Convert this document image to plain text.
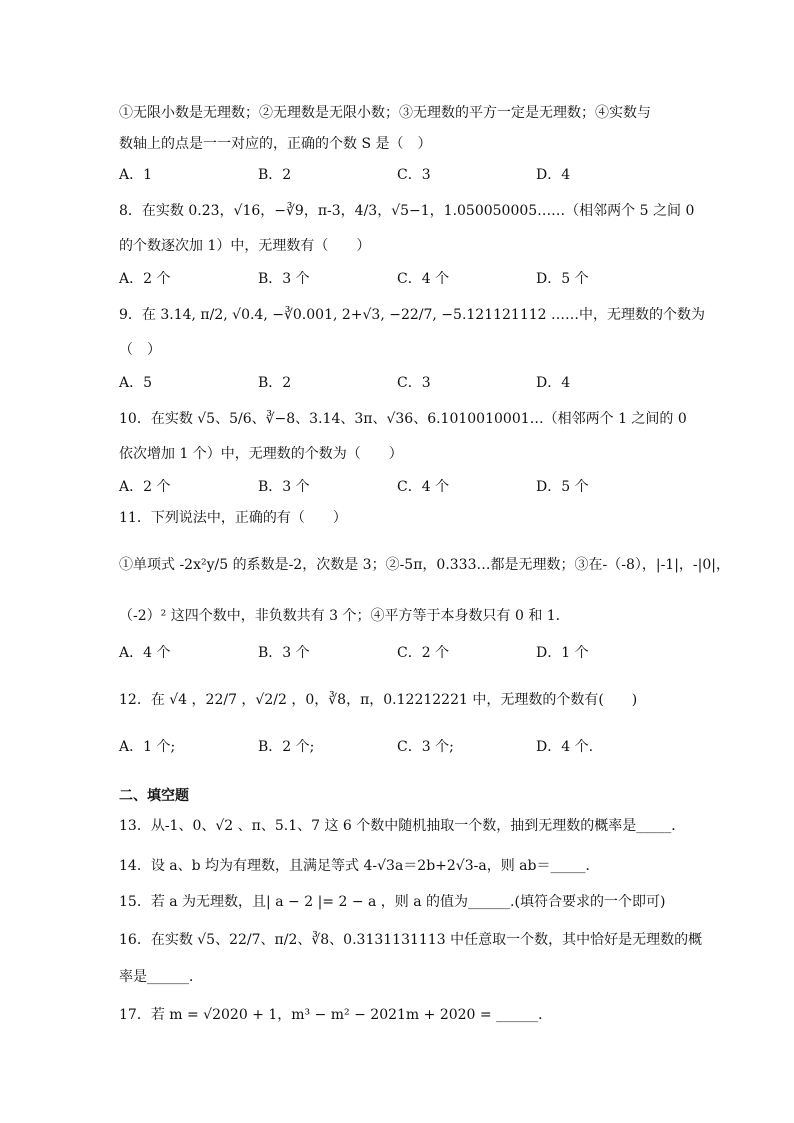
①无限小数是无理数；②无理数是无限小数；③无理数的平方一定是无理数；④实数与
数轴上的点是一一对应的，正确的个数 S 是（　）
A．1	B．2	C．3	D．4
8．在实数 0.2̇3̇，√16，−∛9，π-3，4/3，√5−1，1.050050005……（相邻两个 5 之间 0
的个数逐次加 1）中，无理数有（　　）
A．2 个	B．3 个	C．4 个	D．5 个
9．在 3.14, π/2, √0.4, −∛0.001, 2+√3, −22/7, −5.121121112 ……中，无理数的个数为
（　）
A．5	B．2	C．3	D．4
10．在实数 √5、5/6、∛−8、3.14、3π、√36、6.1010010001…（相邻两个 1 之间的 0
依次增加 1 个）中，无理数的个数为（　　）
A．2 个	B．3 个	C．4 个	D．5 个
11．下列说法中，正确的有（　　）
①单项式 -2x²y/5 的系数是-2，次数是 3；②-5π，0.333…都是无理数；③在-（-8），|-1|，-|0|，
（-2）² 这四个数中，非负数共有 3 个；④平方等于本身数只有 0 和 1．
A．4 个	B．3 个	C．2 个	D．1 个
12．在 √4 ，22/7 ，√2/2 ，0，∛8，π，0.12212221 中，无理数的个数有(　　)
A．1 个;	B．2 个;	C．3 个;	D．4 个.
二、填空题
13．从-1、0、√2 、π、5.1、7 这 6 个数中随机抽取一个数，抽到无理数的概率是_____．
14．设 a、b 均为有理数，且满足等式 4-√3a＝2b+2√3-a，则 ab＝_____．
15．若 a 为无理数，且| a − 2 |= 2 − a ，则 a 的值为______.(填符合要求的一个即可)
16．在实数 √5、22/7、π/2、∛8、0.3131131113 中任意取一个数，其中恰好是无理数的概
率是______．
17．若 m = √2020 + 1，m³ − m² − 2021m + 2020 = ______．
